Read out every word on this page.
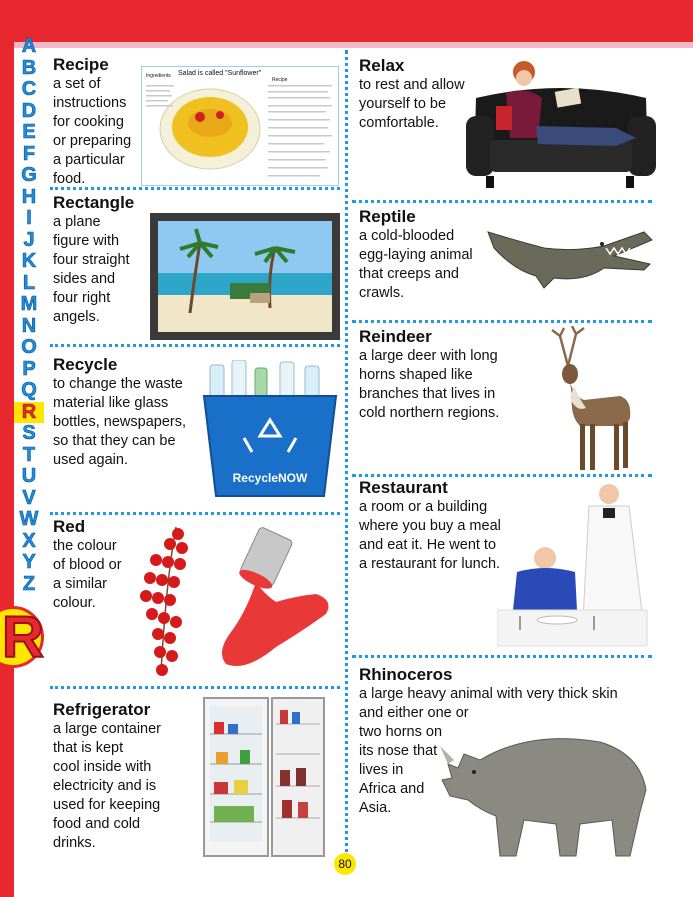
A
B
C
D
E
F
G
H
I
J
K
L
M
N
O
P
Q
R
S
T
U
V
W
X
Y
Z
R
Recipe

a set of
instructions
for cooking
or preparing
a particular
food.

Ingredients Salad is called "Sunflower"
Recipe
Rectangle

a plane
figure with
four straight
sides and
four right
angels.

Recycle

to change the waste
material like glass
bottles, newspapers,
so that they can be
used again.

RecycleNOW
Red

the colour
of blood or
a similar
colour.

Refrigerator

a large container
that is kept
cool inside with
electricity and is
used for keeping
food and cold
drinks.

Relax

to rest and allow
yourself to be
comfortable.

Reptile

a cold-blooded
egg-laying animal
that creeps and
crawls.

Reindeer

a large deer with long
horns shaped like
branches that lives in
cold northern regions.

Restaurant

a room or a building
where you buy a meal
and eat it. He went to
a restaurant for lunch.

Rhinoceros

a large heavy animal with very thick skin
and either one or
two horns on
its nose that
lives in
Africa and
Asia.

80
